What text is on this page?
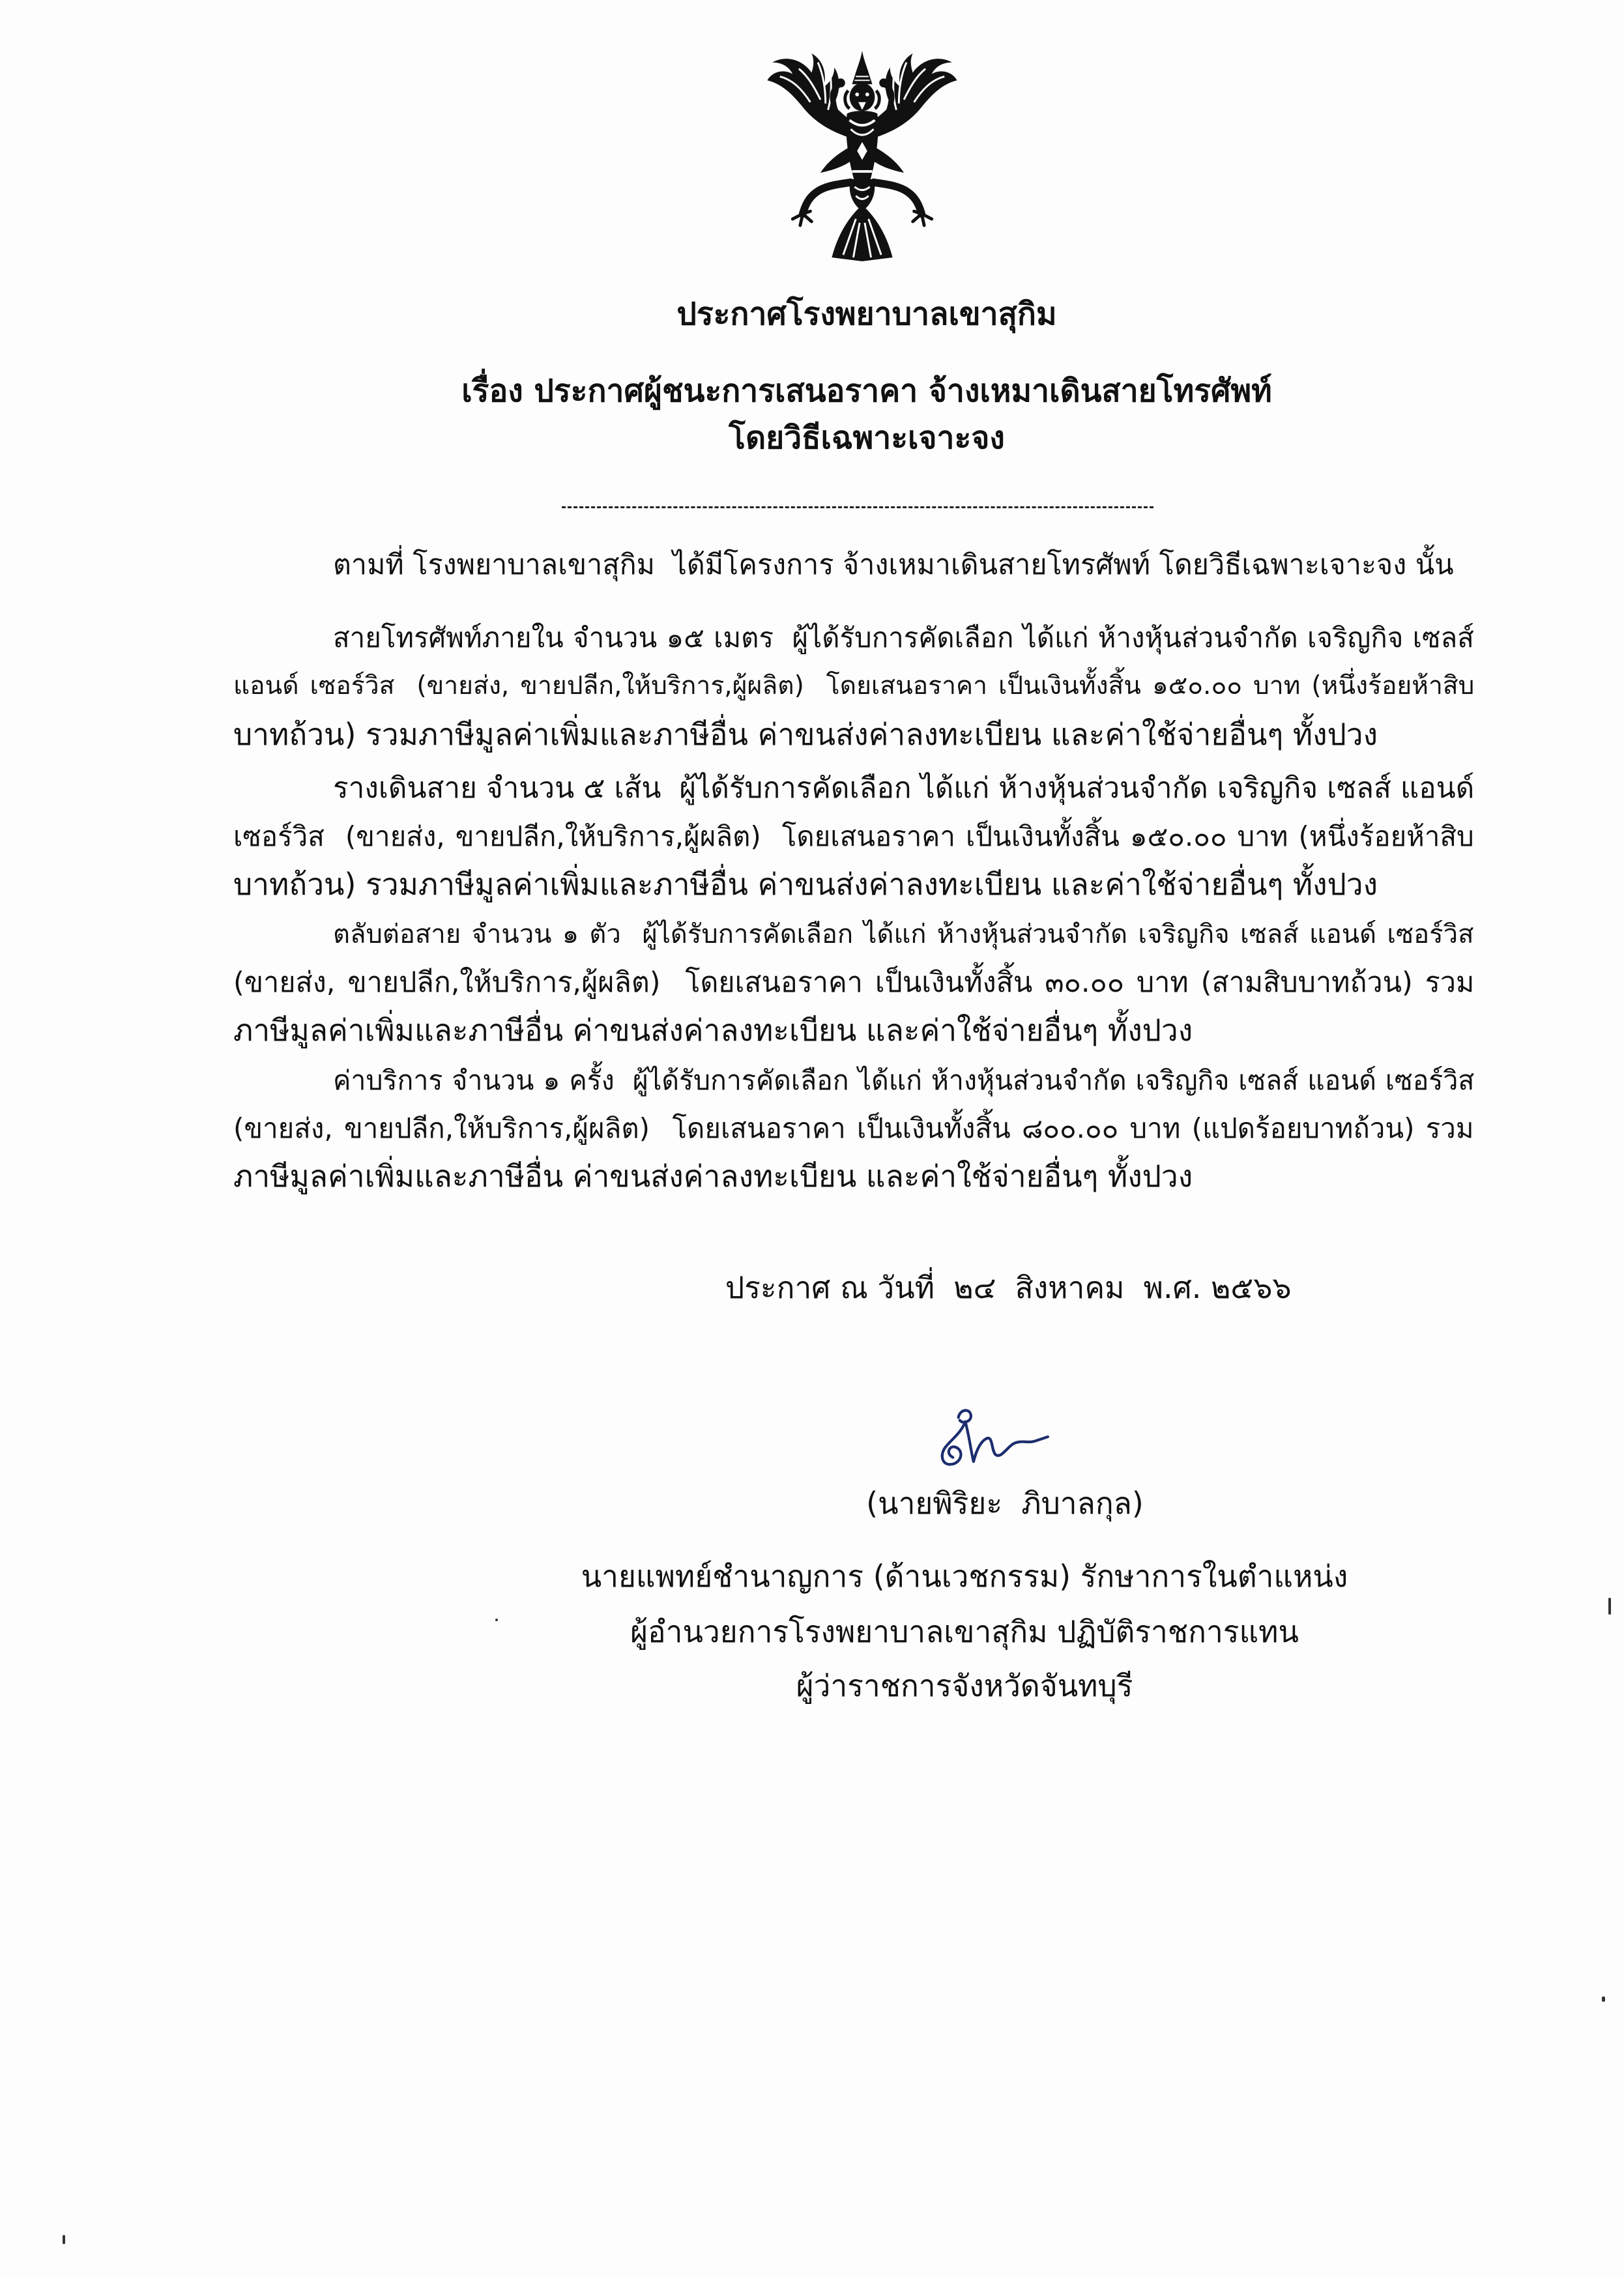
ประกาศโรงพยาบาลเขาสุกิม
เรื่อง ประกาศผู้ชนะการเสนอราคา จ้างเหมาเดินสายโทรศัพท์
โดยวิธีเฉพาะเจาะจง
ตามที่ โรงพยาบาลเขาสุกิม  ได้มีโครงการ จ้างเหมาเดินสายโทรศัพท์ โดยวิธีเฉพาะเจาะจง นั้น
สายโทรศัพท์ภายใน จำนวน ๑๕ เมตร  ผู้ได้รับการคัดเลือก ได้แก่ ห้างหุ้นส่วนจำกัด เจริญกิจ เซลส์
แอนด์ เซอร์วิส  (ขายส่ง, ขายปลีก,ให้บริการ,ผู้ผลิต)  โดยเสนอราคา เป็นเงินทั้งสิ้น ๑๕๐.๐๐ บาท (หนึ่งร้อยห้าสิบ
บาทถ้วน) รวมภาษีมูลค่าเพิ่มและภาษีอื่น ค่าขนส่งค่าลงทะเบียน และค่าใช้จ่ายอื่นๆ ทั้งปวง
รางเดินสาย จำนวน ๕ เส้น  ผู้ได้รับการคัดเลือก ได้แก่ ห้างหุ้นส่วนจำกัด เจริญกิจ เซลส์ แอนด์
เซอร์วิส  (ขายส่ง, ขายปลีก,ให้บริการ,ผู้ผลิต)  โดยเสนอราคา เป็นเงินทั้งสิ้น ๑๕๐.๐๐ บาท (หนึ่งร้อยห้าสิบ
บาทถ้วน) รวมภาษีมูลค่าเพิ่มและภาษีอื่น ค่าขนส่งค่าลงทะเบียน และค่าใช้จ่ายอื่นๆ ทั้งปวง
ตลับต่อสาย จำนวน ๑ ตัว  ผู้ได้รับการคัดเลือก ได้แก่ ห้างหุ้นส่วนจำกัด เจริญกิจ เซลส์ แอนด์ เซอร์วิส
(ขายส่ง, ขายปลีก,ให้บริการ,ผู้ผลิต)  โดยเสนอราคา เป็นเงินทั้งสิ้น ๓๐.๐๐ บาท (สามสิบบาทถ้วน) รวม
ภาษีมูลค่าเพิ่มและภาษีอื่น ค่าขนส่งค่าลงทะเบียน และค่าใช้จ่ายอื่นๆ ทั้งปวง
ค่าบริการ จำนวน ๑ ครั้ง  ผู้ได้รับการคัดเลือก ได้แก่ ห้างหุ้นส่วนจำกัด เจริญกิจ เซลส์ แอนด์ เซอร์วิส
(ขายส่ง, ขายปลีก,ให้บริการ,ผู้ผลิต)  โดยเสนอราคา เป็นเงินทั้งสิ้น ๘๐๐.๐๐ บาท (แปดร้อยบาทถ้วน) รวม
ภาษีมูลค่าเพิ่มและภาษีอื่น ค่าขนส่งค่าลงทะเบียน และค่าใช้จ่ายอื่นๆ ทั้งปวง
ประกาศ ณ วันที่  ๒๔  สิงหาคม  พ.ศ. ๒๕๖๖
(นายพิริยะ  ภิบาลกุล)
นายแพทย์ชำนาญการ (ด้านเวชกรรม) รักษาการในตำแหน่ง
ผู้อำนวยการโรงพยาบาลเขาสุกิม ปฏิบัติราชการแทน
ผู้ว่าราชการจังหวัดจันทบุรี
